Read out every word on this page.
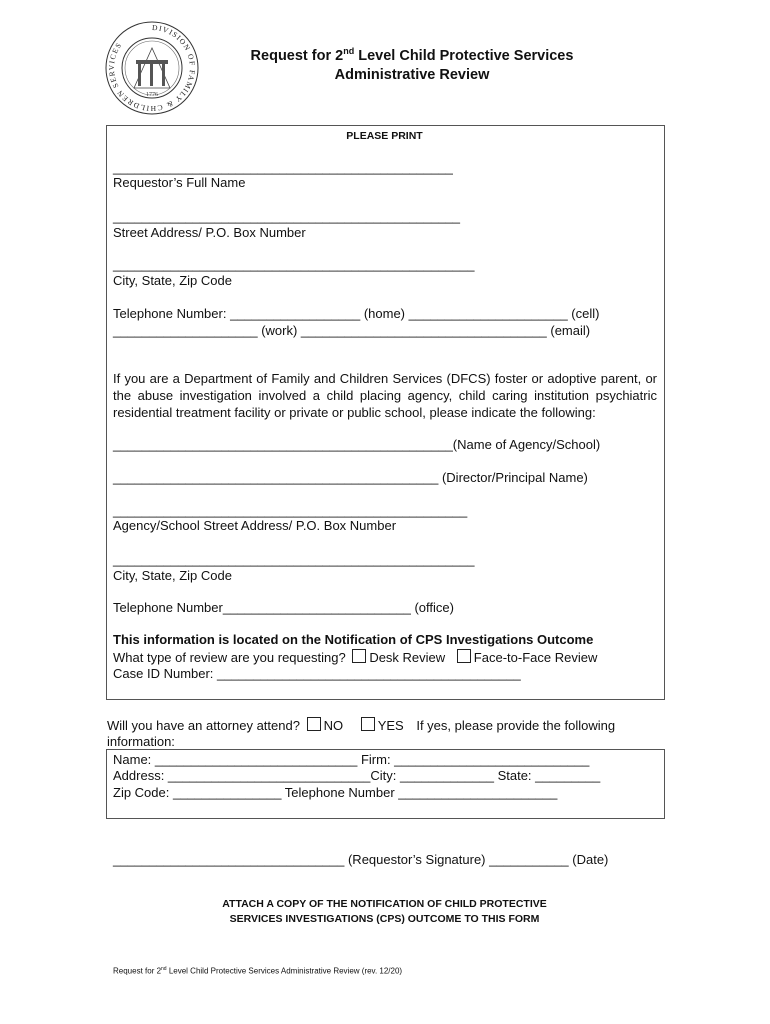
DIVISION OF FAMILY & CHILDREN SERVICES
1776
Request for 2nd Level Child Protective Services
Administrative Review
PLEASE PRINT
_______________________________________________
Requestor’s Full Name
________________________________________________
Street Address/ P.O. Box Number
__________________________________________________
City, State, Zip Code
Telephone Number: __________________ (home) ______________________ (cell)
____________________ (work) __________________________________ (email)
If you are a Department of Family and Children Services (DFCS) foster or adoptive parent, or the abuse investigation involved a child placing agency, child caring institution psychiatric residential treatment facility or private or public school, please indicate the following:
_______________________________________________(Name of Agency/School)
_____________________________________________ (Director/Principal Name)
_________________________________________________
Agency/School Street Address/ P.O. Box Number
__________________________________________________
City, State, Zip Code
Telephone Number__________________________ (office)
This information is located on the Notification of CPS Investigations Outcome
What type of review are you requesting? Desk Review Face-to-Face Review
Case ID Number: __________________________________________
Will you have an attorney attend? NO	YES If yes, please provide the following
information:
Name: ____________________________ Firm: ___________________________
Address: ____________________________City: _____________ State: _________
Zip Code: _______________ Telephone Number ______________________
________________________________ (Requestor’s Signature) ___________ (Date)
ATTACH A COPY OF THE NOTIFICATION OF CHILD PROTECTIVE
SERVICES INVESTIGATIONS (CPS) OUTCOME TO THIS FORM
Request for 2nd Level Child Protective Services Administrative Review (rev. 12/20)
